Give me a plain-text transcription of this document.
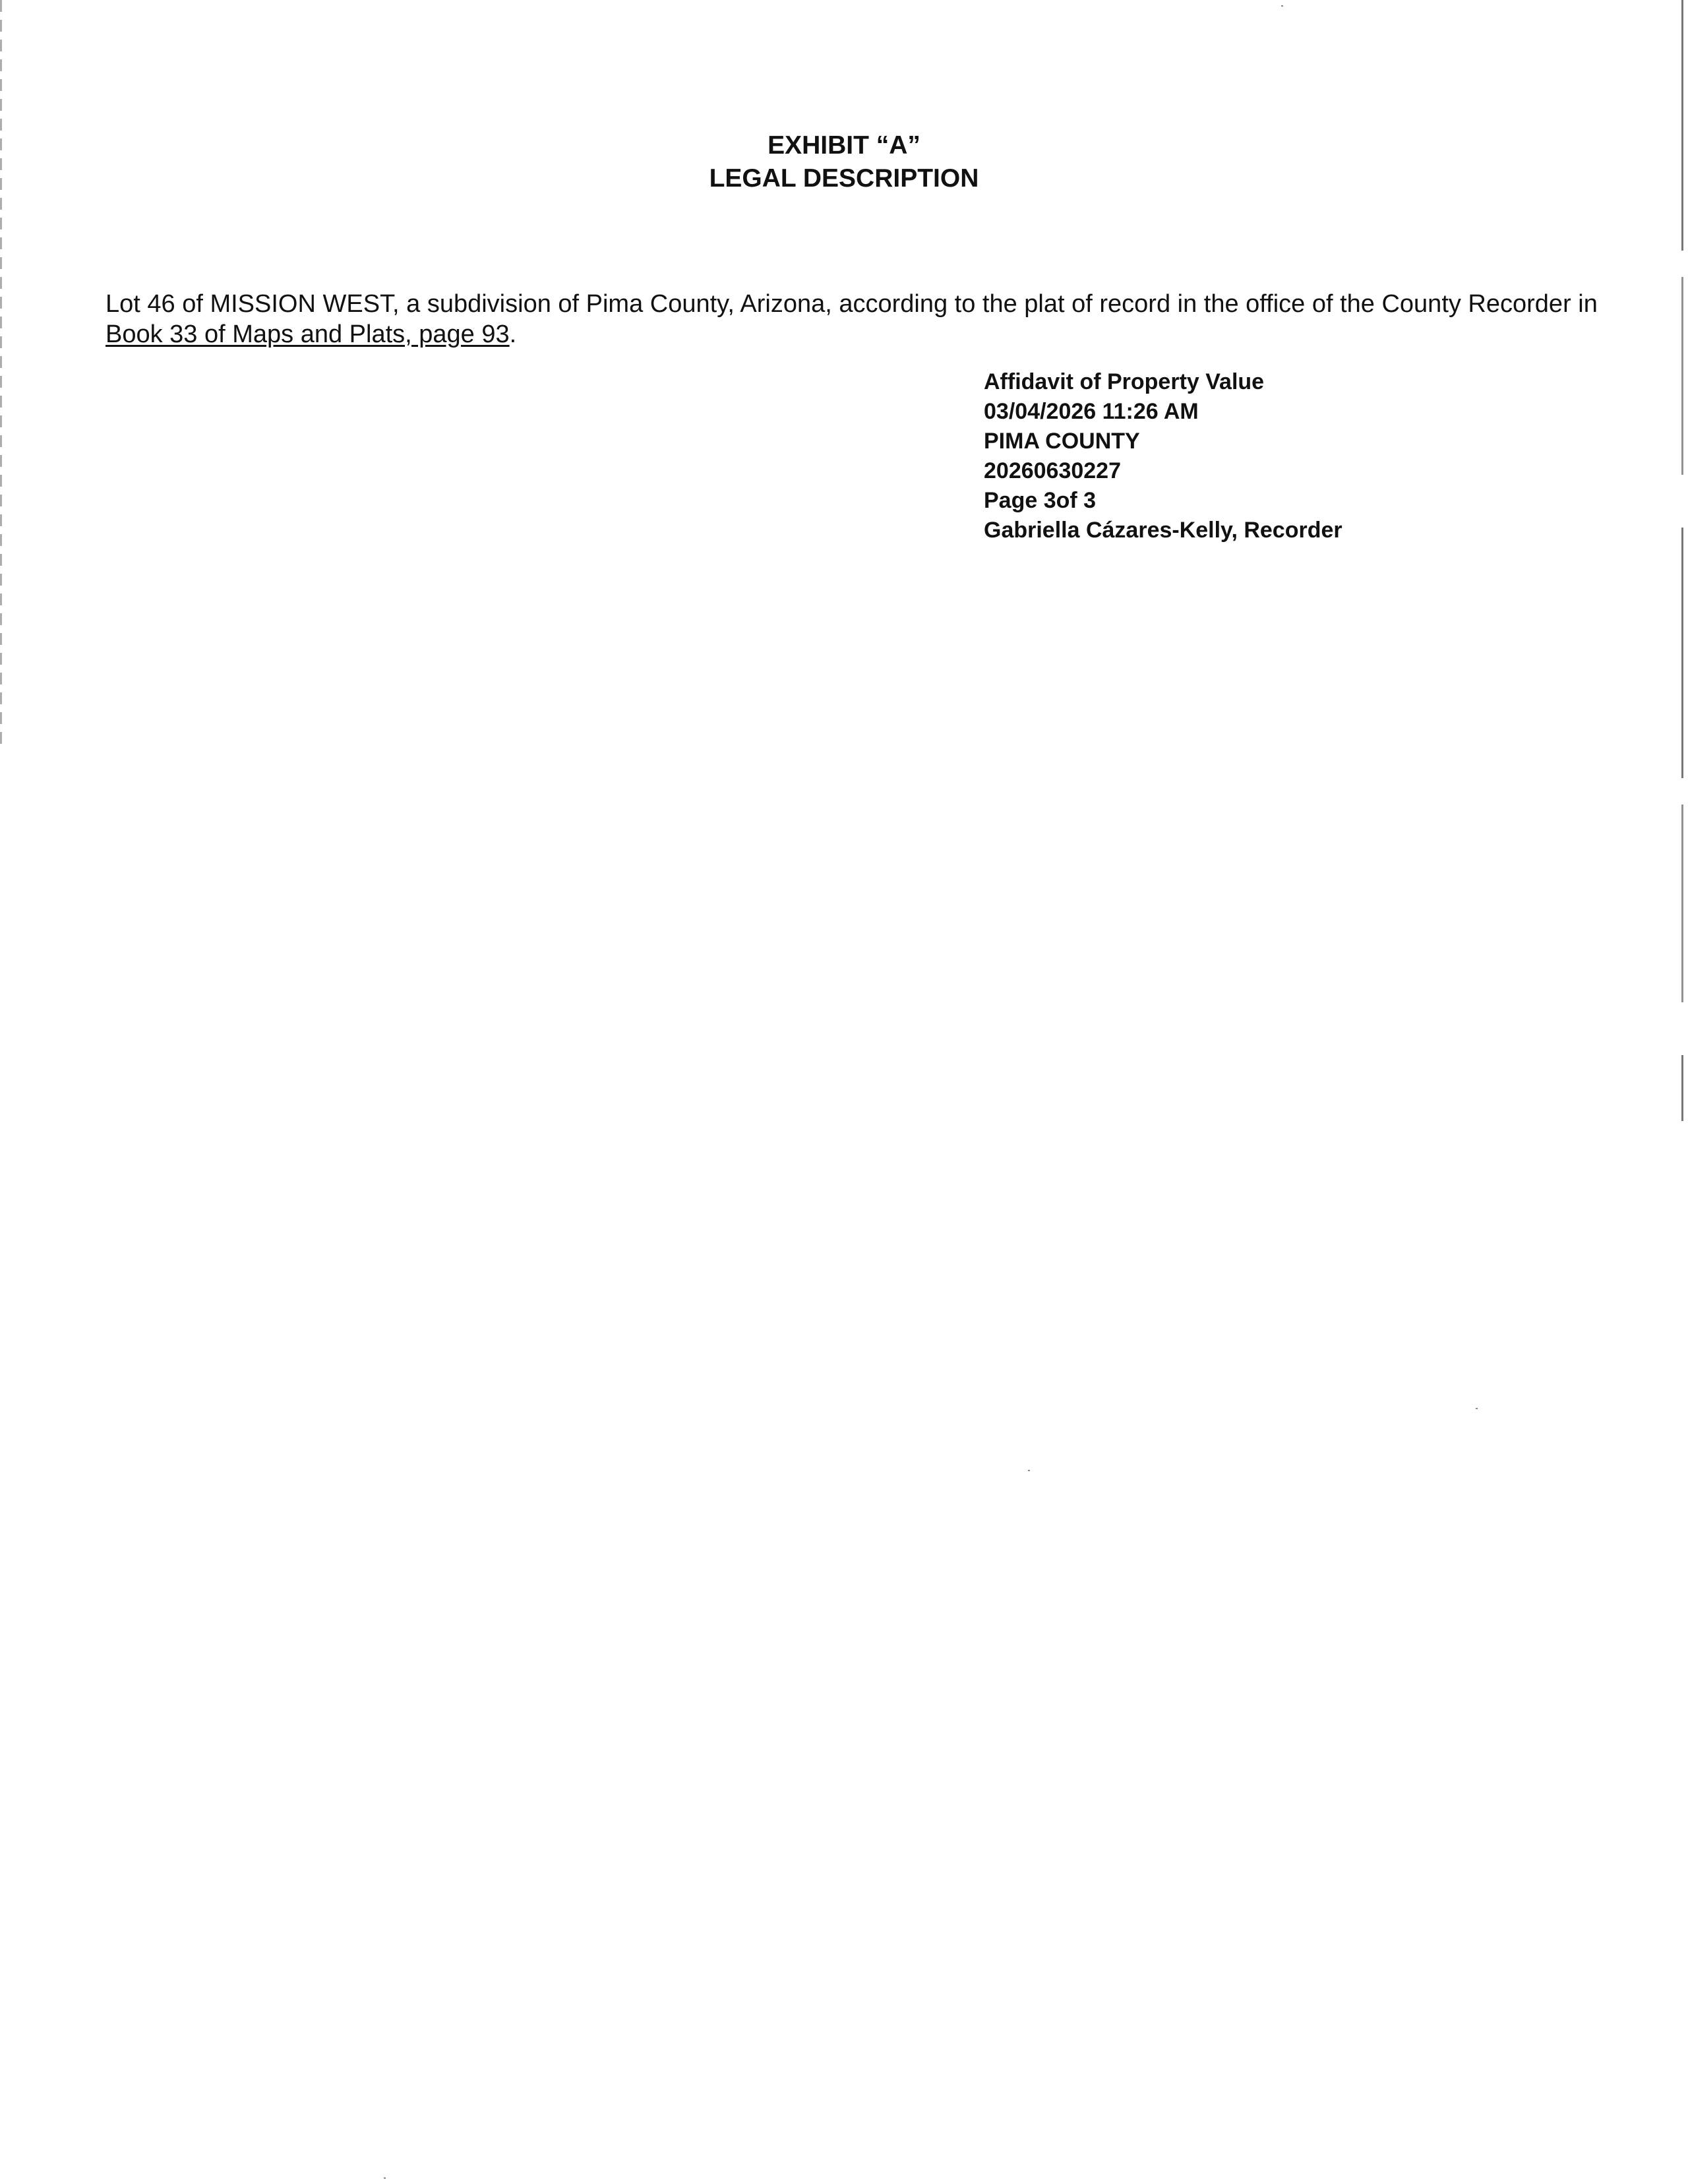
EXHIBIT “A”
LEGAL DESCRIPTION
Lot 46 of MISSION WEST, a subdivision of Pima County, Arizona, according to the plat of record in the office of the County Recorder in
Book 33 of Maps and Plats, page 93.
Affidavit of Property Value
03/04/2026 11:26 AM
PIMA COUNTY
20260630227
Page 3of 3
Gabriella Cázares-Kelly, Recorder
